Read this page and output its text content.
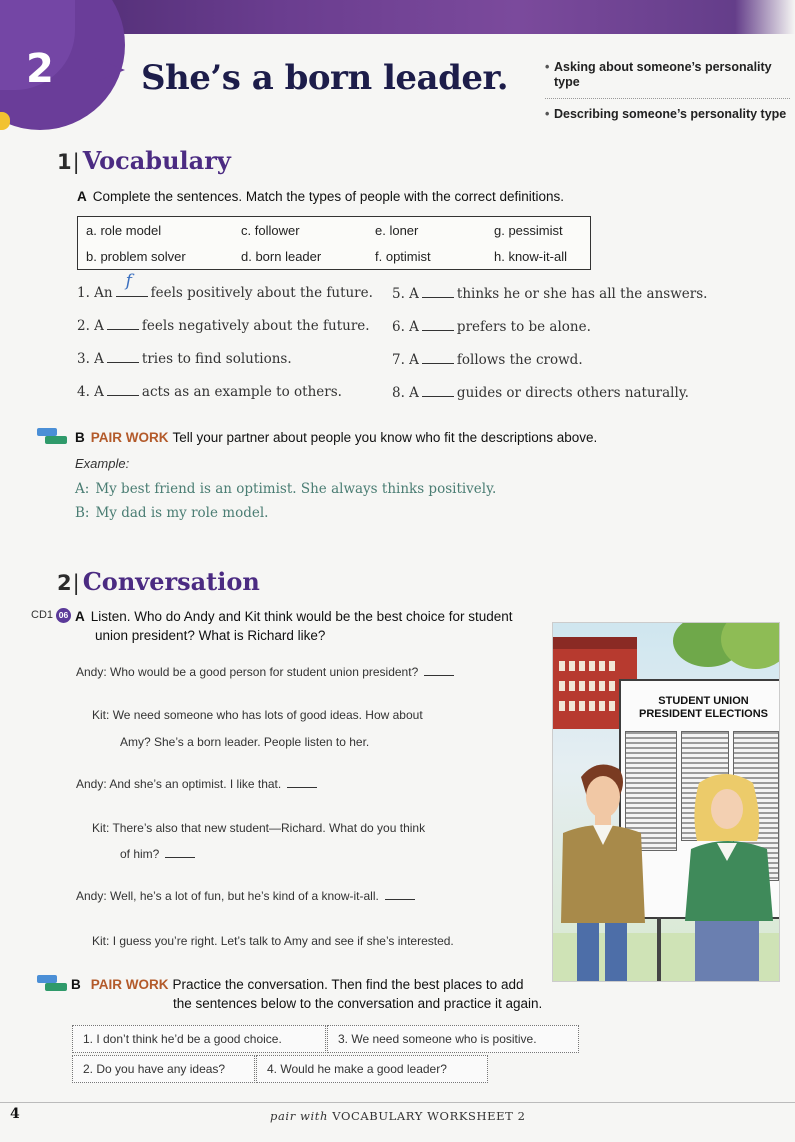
2	She’s a born leader.	• Asking about someone’s personality type
• Describing someone’s personality type
1| Vocabulary
A Complete the sentences. Match the types of people with the correct definitions.
a. role model	c. follower	e. loner	g. pessimist
b. problem solver	d. born leader	f. optimist	h. know-it-all
1. An
f
feels positively about the future.
2. A	feels negatively about the future.
3. A	tries to find solutions.
4. A	acts as an example to others.
5. A	thinks he or she has all the answers.
6. A	prefers to be alone.
7. A	follows the crowd.
8. A	guides or directs others naturally.
B PAIR WORK Tell your partner about people you know who fit the descriptions above.
Example:
A: My best friend is an optimist. She always thinks positively.
B: My dad is my role model.
2| Conversation
CD1 06 A Listen. Who do Andy and Kit think would be the best choice for student
union president? What is Richard like?
Andy: Who would be a good person for student union president?
Kit: We need someone who has lots of good ideas. How about
Amy? She’s a born leader. People listen to her.
Andy: And she’s an optimist. I like that.
Kit: There’s also that new student—Richard. What do you think
of him?
Andy: Well, he’s a lot of fun, but he’s kind of a know-it-all.
Kit: I guess you’re right. Let’s talk to Amy and see if she’s interested.
STUDENT UNION
PRESIDENT ELECTIONS
B PAIR WORK Practice the conversation. Then find the best places to add
the sentences below to the conversation and practice it again.
1. I don’t think he’d be a good choice.	3. We need someone who is positive.
2. Do you have any ideas?	4. Would he make a good leader?
4	pair with VOCABULARY WORKSHEET 2
